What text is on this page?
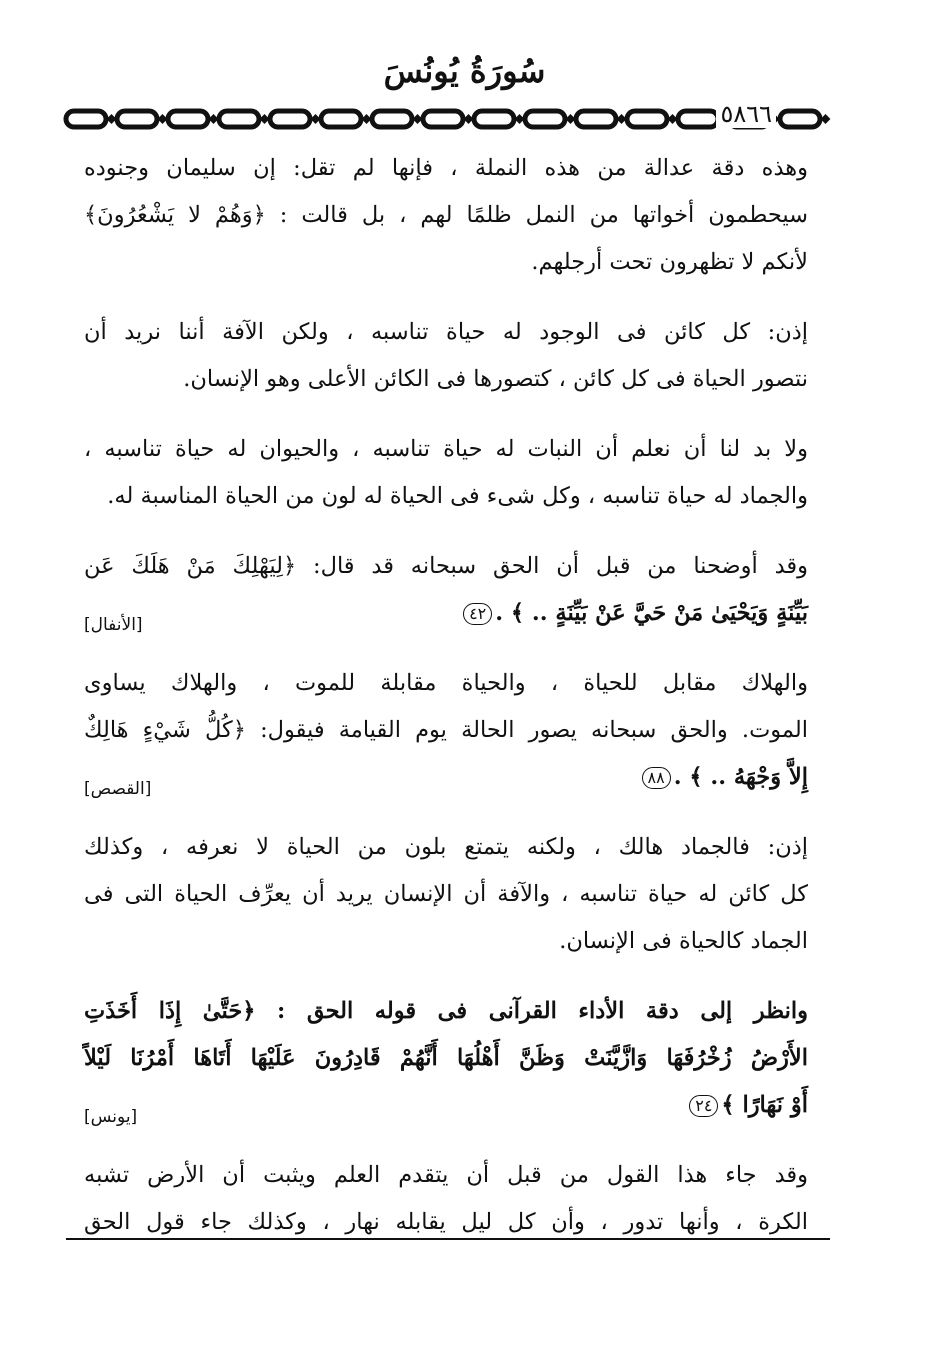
سُورَةُ يُونُسَ
٥٨٦٦
وهذه دقة عدالة من هذه النملة ، فإنها لم تقل: إن سليمان وجنوده
سيحطمون أخواتها من النمل ظلمًا لهم ، بل قالت : ﴿وَهُمْ لا يَشْعُرُونَ﴾
لأنكم لا تظهرون تحت أرجلهم.
إذن: كل كائن فى الوجود له حياة تناسبه ، ولكن الآفة أننا نريد أن
نتصور الحياة فى كل كائن ، كتصورها فى الكائن الأعلى وهو الإنسان.
ولا بد لنا أن نعلم أن النبات له حياة تناسبه ، والحيوان له حياة تناسبه ،
والجماد له حياة تناسبه ، وكل شىء فى الحياة له لون من الحياة المناسبة له.
وقد أوضحنا من قبل أن الحق سبحانه قد قال: ﴿لِيَهْلِكَ مَنْ هَلَكَ عَن
بَيِّنَةٍ وَيَحْيَىٰ مَنْ حَيَّ عَنْ بَيِّنَةٍ .. ﴾ .٤٢
[الأنفال]
والهلاك مقابل للحياة ، والحياة مقابلة للموت ، والهلاك يساوى
الموت. والحق سبحانه يصور الحالة يوم القيامة فيقول: ﴿كُلُّ شَيْءٍ هَالِكٌ
إِلاَّ وَجْهَهُ .. ﴾ .٨٨
[القصص]
إذن: فالجماد هالك ، ولكنه يتمتع بلون من الحياة لا نعرفه ، وكذلك
كل كائن له حياة تناسبه ، والآفة أن الإنسان يريد أن يعرِّف الحياة التى فى
الجماد كالحياة فى الإنسان.
وانظر إلى دقة الأداء القرآنى فى قوله الحق : ﴿حَتَّىٰ إِذَا أَخَذَتِ
الأَرْضُ زُخْرُفَهَا وَازَّيَّنَتْ وَظَنَّ أَهْلُهَا أَنَّهُمْ قَادِرُونَ عَلَيْهَا أَتَاهَا أَمْرُنَا لَيْلاً
أَوْ نَهَارًا ﴾٢٤
[يونس]
وقد جاء هذا القول من قبل أن يتقدم العلم ويثبت أن الأرض تشبه
الكرة ، وأنها تدور ، وأن كل ليل يقابله نهار ، وكذلك جاء قول الحق
